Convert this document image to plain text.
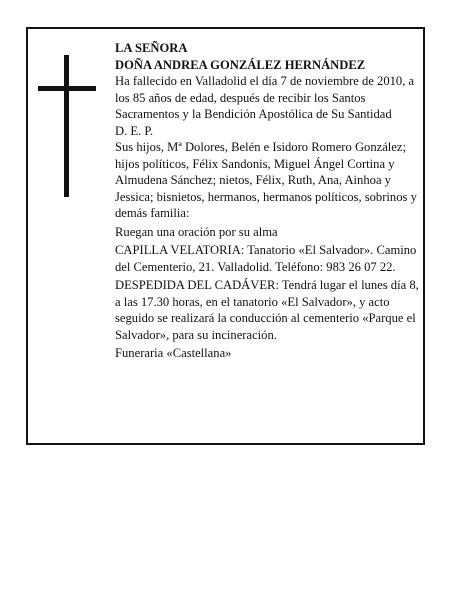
LA SEÑORA

DOÑA ANDREA GONZÁLEZ HERNÁNDEZ

Ha fallecido en Valladolid el día 7 de noviembre de 2010, a los 85 años de edad, después de recibir los Santos Sacramentos y la Bendición Apostólica de Su Santidad

D. E. P.

Sus hijos, Mª Dolores, Belén e Isidoro Romero González; hijos políticos, Félix Sandonis, Miguel Ángel Cortina y Almudena Sánchez; nietos, Félix, Ruth, Ana, Ainhoa y Jessica; bisnietos, hermanos, hermanos políticos, sobrinos y demás familia:

Ruegan una oración por su alma

CAPILLA VELATORIA: Tanatorio «El Salvador». Camino del Cementerio, 21. Valladolid. Teléfono: 983 26 07 22.

DESPEDIDA DEL CADÁVER: Tendrá lugar el lunes día 8, a las 17.30 horas, en el tanatorio «El Salvador», y acto seguido se realizará la conducción al cementerio «Parque el Salvador», para su incineración.

Funeraria «Castellana»
